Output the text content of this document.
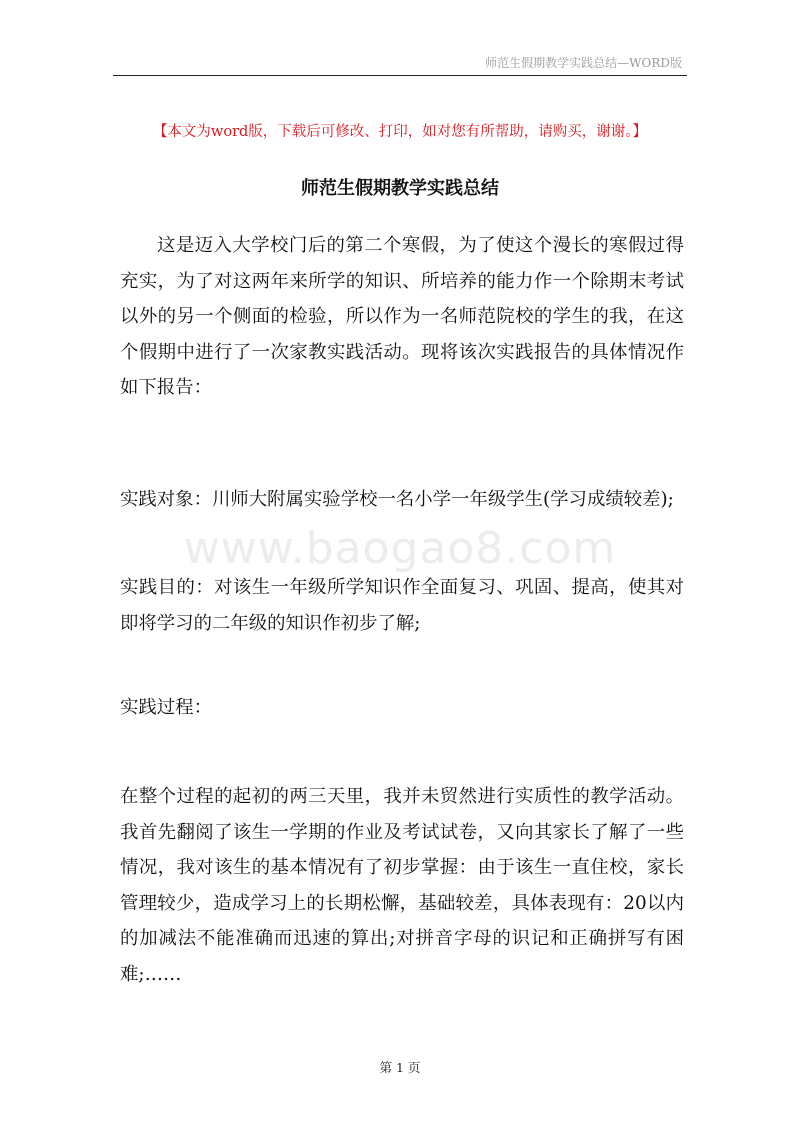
师范生假期教学实践总结—WORD版
【本文为word版，下载后可修改、打印，如对您有所帮助，请购买，谢谢。】
师范生假期教学实践总结

这是迈入大学校门后的第二个寒假，为了使这个漫长的寒假过得充实，为了对这两年来所学的知识、所培养的能力作一个除期末考试以外的另一个侧面的检验，所以作为一名师范院校的学生的我，在这个假期中进行了一次家教实践活动。现将该次实践报告的具体情况作如下报告：

实践对象：川师大附属实验学校一名小学一年级学生(学习成绩较差);

www.baogao8.com

实践目的：对该生一年级所学知识作全面复习、巩固、提高，使其对即将学习的二年级的知识作初步了解;

实践过程：

在整个过程的起初的两三天里，我并未贸然进行实质性的教学活动。我首先翻阅了该生一学期的作业及考试试卷，又向其家长了解了一些情况，我对该生的基本情况有了初步掌握：由于该生一直住校，家长管理较少，造成学习上的长期松懈，基础较差，具体表现有：20以内的加减法不能准确而迅速的算出;对拼音字母的识记和正确拼写有困难;……

第 1 页
